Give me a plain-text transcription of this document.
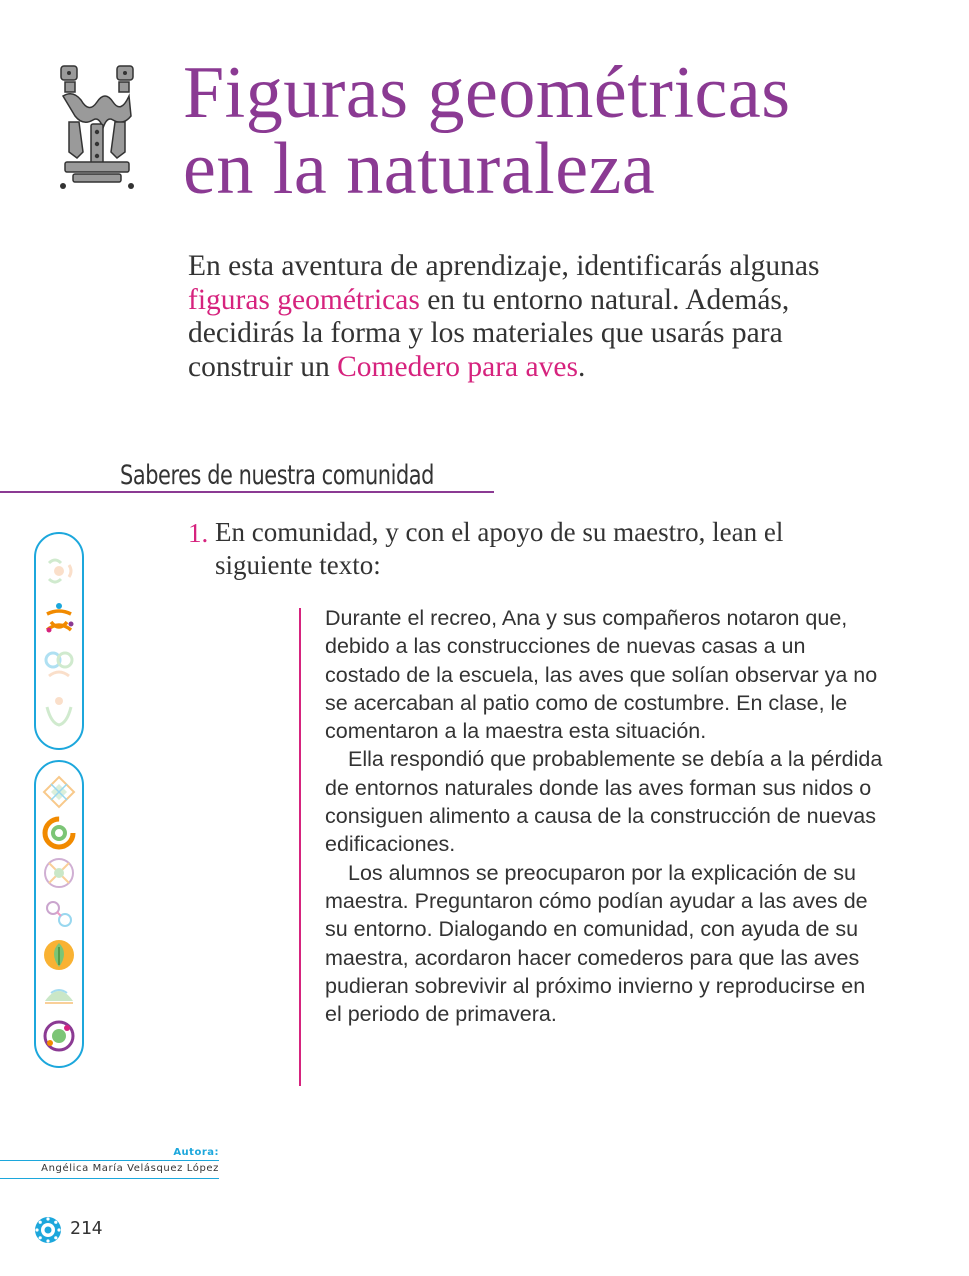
Figuras geométricas
en la naturaleza
En esta aventura de aprendizaje, identificarás algunas figuras geométricas en tu entorno natural. Además, decidirás la forma y los materiales que usarás para construir un Comedero para aves.
Saberes de nuestra comunidad
1. En comunidad, y con el apoyo de su maestro, lean el siguiente texto:

Durante el recreo, Ana y sus compañeros notaron que, debido a las construcciones de nuevas casas a un costado de la escuela, las aves que solían observar ya no se acercaban al patio como de costumbre. En clase, le comentaron a la maestra esta situación.

Ella respondió que probablemente se debía a la pérdida de entornos naturales donde las aves forman sus nidos o consiguen alimento a causa de la construcción de nuevas edificaciones.

Los alumnos se preocuparon por la explicación de su maestra. Preguntaron cómo podían ayudar a las aves de su entorno. Dialogando en comunidad, con ayuda de su maestra, acordaron hacer comederos para que las aves pudieran sobrevivir al próximo invierno y reproducirse en el periodo de primavera.

Autora:
Angélica María Velásquez López
214
